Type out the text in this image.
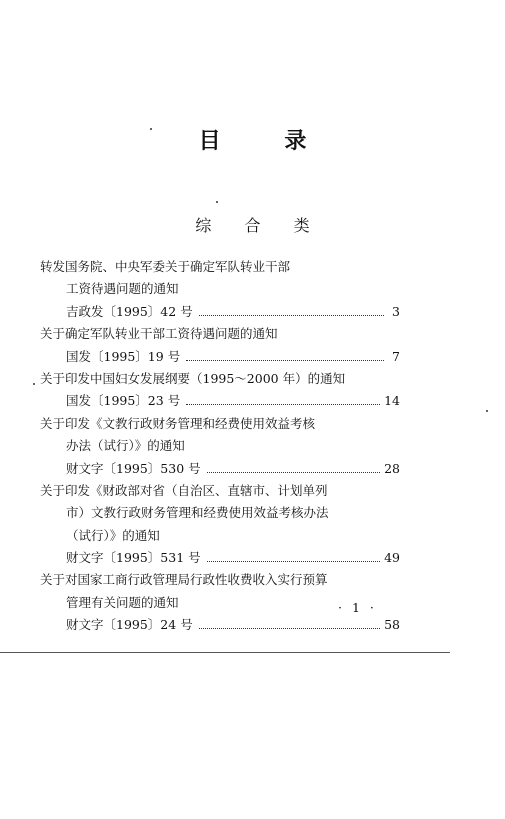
目 录
综 合 类
转发国务院、中央军委关于确定军队转业干部
工资待遇问题的通知
吉政发〔1995〕42 号	3
关于确定军队转业干部工资待遇问题的通知
国发〔1995〕19 号	7
关于印发中国妇女发展纲要（1995～2000 年）的通知
国发〔1995〕23 号	14
关于印发《文教行政财务管理和经费使用效益考核
办法（试行）》的通知
财文字〔1995〕530 号	28
关于印发《财政部对省（自治区、直辖市、计划单列
市）文教行政财务管理和经费使用效益考核办法
（试行）》的通知
财文字〔1995〕531 号	49
关于对国家工商行政管理局行政性收费收入实行预算
管理有关问题的通知
财文字〔1995〕24 号	58
· 1 ·
